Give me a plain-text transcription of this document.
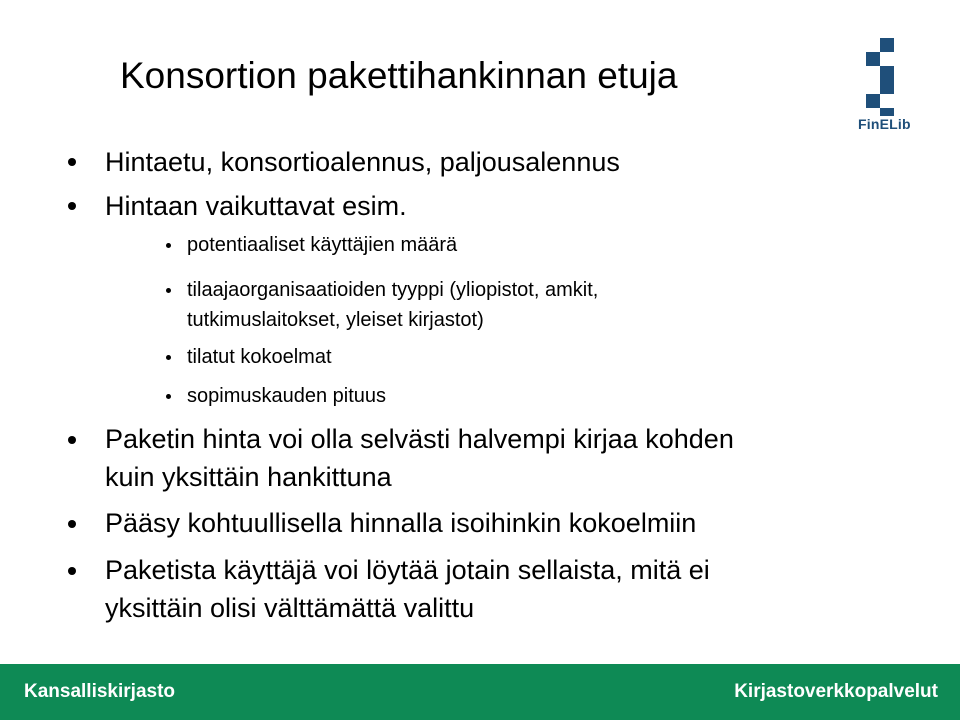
Konsortion pakettihankinnan etuja
FinELib
Hintaetu, konsortioalennus, paljousalennus
Hintaan vaikuttavat esim.
potentiaaliset käyttäjien määrä
tilaajaorganisaatioiden tyyppi (yliopistot, amkit,
tutkimuslaitokset, yleiset kirjastot)
tilatut kokoelmat
sopimuskauden pituus
Paketin hinta voi olla selvästi halvempi kirjaa kohden
kuin yksittäin hankittuna
Pääsy kohtuullisella hinnalla isoihinkin kokoelmiin
Paketista käyttäjä voi löytää jotain sellaista, mitä ei
yksittäin olisi välttämättä valittu
Kansalliskirjasto	Kirjastoverkkopalvelut
